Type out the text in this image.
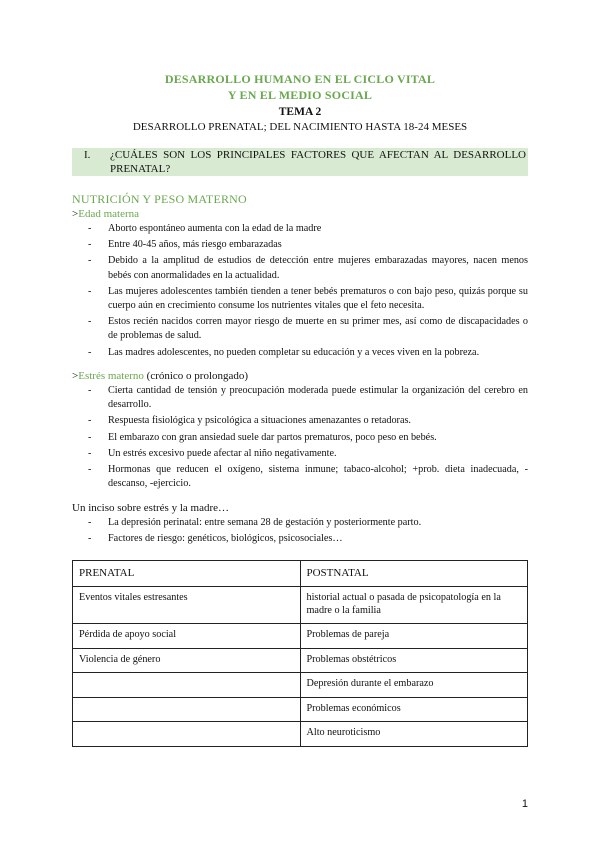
DESARROLLO HUMANO EN EL CICLO VITAL
Y EN EL MEDIO SOCIAL
TEMA 2
DESARROLLO PRENATAL; DEL NACIMIENTO HASTA 18-24 MESES
I. ¿CUÁLES SON LOS PRINCIPALES FACTORES QUE AFECTAN AL DESARROLLO PRENATAL?
NUTRICIÓN Y PESO MATERNO
>Edad materna
- Aborto espontáneo aumenta con la edad de la madre
- Entre 40-45 años, más riesgo embarazadas
- Debido a la amplitud de estudios de detección entre mujeres embarazadas mayores, nacen menos bebés con anormalidades en la actualidad.
- Las mujeres adolescentes también tienden a tener bebés prematuros o con bajo peso, quizás porque su cuerpo aún en crecimiento consume los nutrientes vitales que el feto necesita.
- Estos recién nacidos corren mayor riesgo de muerte en su primer mes, así como de discapacidades o de problemas de salud.
- Las madres adolescentes, no pueden completar su educación y a veces viven en la pobreza.
>Estrés materno (crónico o prolongado)
- Cierta cantidad de tensión y preocupación moderada puede estimular la organización del cerebro en desarrollo.
- Respuesta fisiológica y psicológica a situaciones amenazantes o retadoras.
- El embarazo con gran ansiedad suele dar partos prematuros, poco peso en bebés.
- Un estrés excesivo puede afectar al niño negativamente.
- Hormonas que reducen el oxígeno, sistema inmune; tabaco-alcohol; +prob. dieta inadecuada, -descanso, -ejercicio.
Un inciso sobre estrés y la madre…
- La depresión perinatal: entre semana 28 de gestación y posteriormente parto.
- Factores de riesgo: genéticos, biológicos, psicosociales…
PRENATAL	POSTNATAL
Eventos vitales estresantes	historial actual o pasada de psicopatología en la madre o la familia
Pérdida de apoyo social	Problemas de pareja
Violencia de género	Problemas obstétricos
	Depresión durante el embarazo
	Problemas económicos
	Alto neuroticismo
1
